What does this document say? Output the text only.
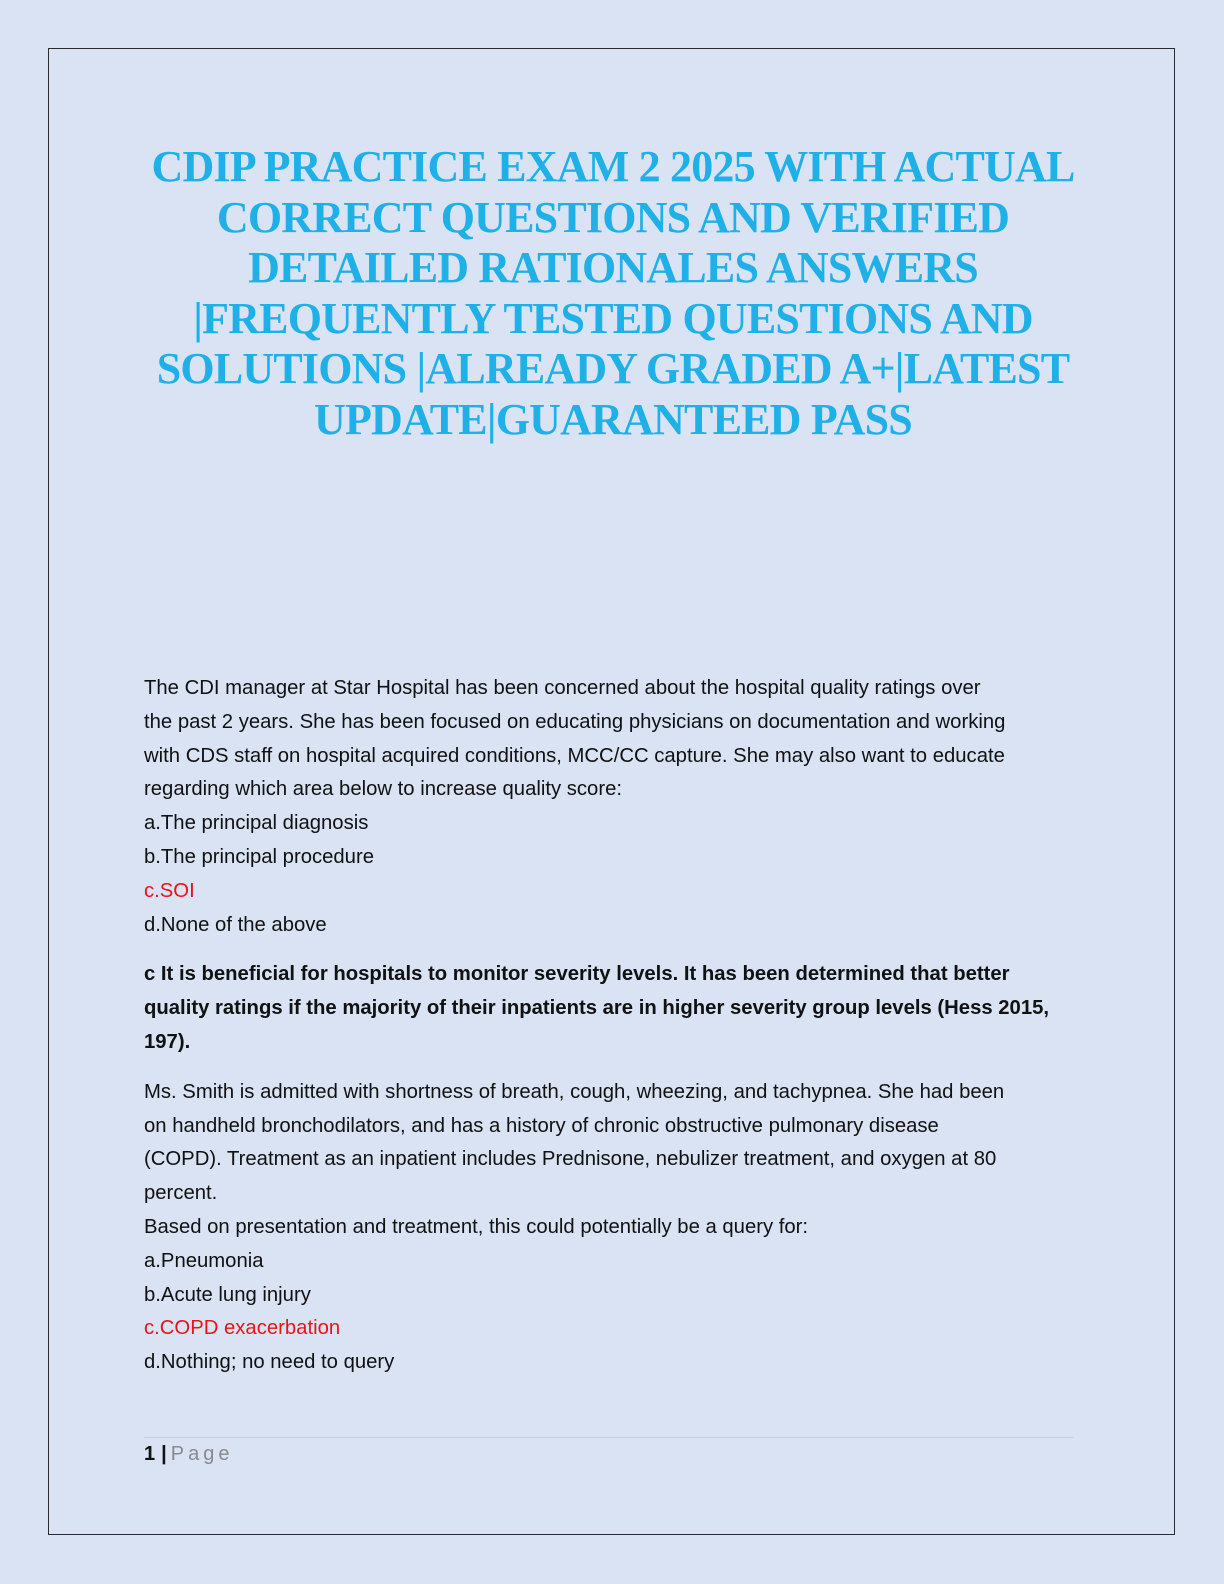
CDIP PRACTICE EXAM 2 2025 WITH ACTUAL
CORRECT QUESTIONS AND VERIFIED
DETAILED RATIONALES ANSWERS
|FREQUENTLY TESTED QUESTIONS AND
SOLUTIONS |ALREADY GRADED A+|LATEST
UPDATE|GUARANTEED PASS

The CDI manager at Star Hospital has been concerned about the hospital quality ratings over
the past 2 years. She has been focused on educating physicians on documentation and working
with CDS staff on hospital acquired conditions, MCC/CC capture. She may also want to educate
regarding which area below to increase quality score:

a.The principal diagnosis

b.The principal procedure

c.SOI

d.None of the above

c It is beneficial for hospitals to monitor severity levels. It has been determined that better
quality ratings if the majority of their inpatients are in higher severity group levels (Hess 2015,
197).

Ms. Smith is admitted with shortness of breath, cough, wheezing, and tachypnea. She had been
on handheld bronchodilators, and has a history of chronic obstructive pulmonary disease
(COPD). Treatment as an inpatient includes Prednisone, nebulizer treatment, and oxygen at 80
percent.
Based on presentation and treatment, this could potentially be a query for:

a.Pneumonia

b.Acute lung injury

c.COPD exacerbation

d.Nothing; no need to query

1 | Page
